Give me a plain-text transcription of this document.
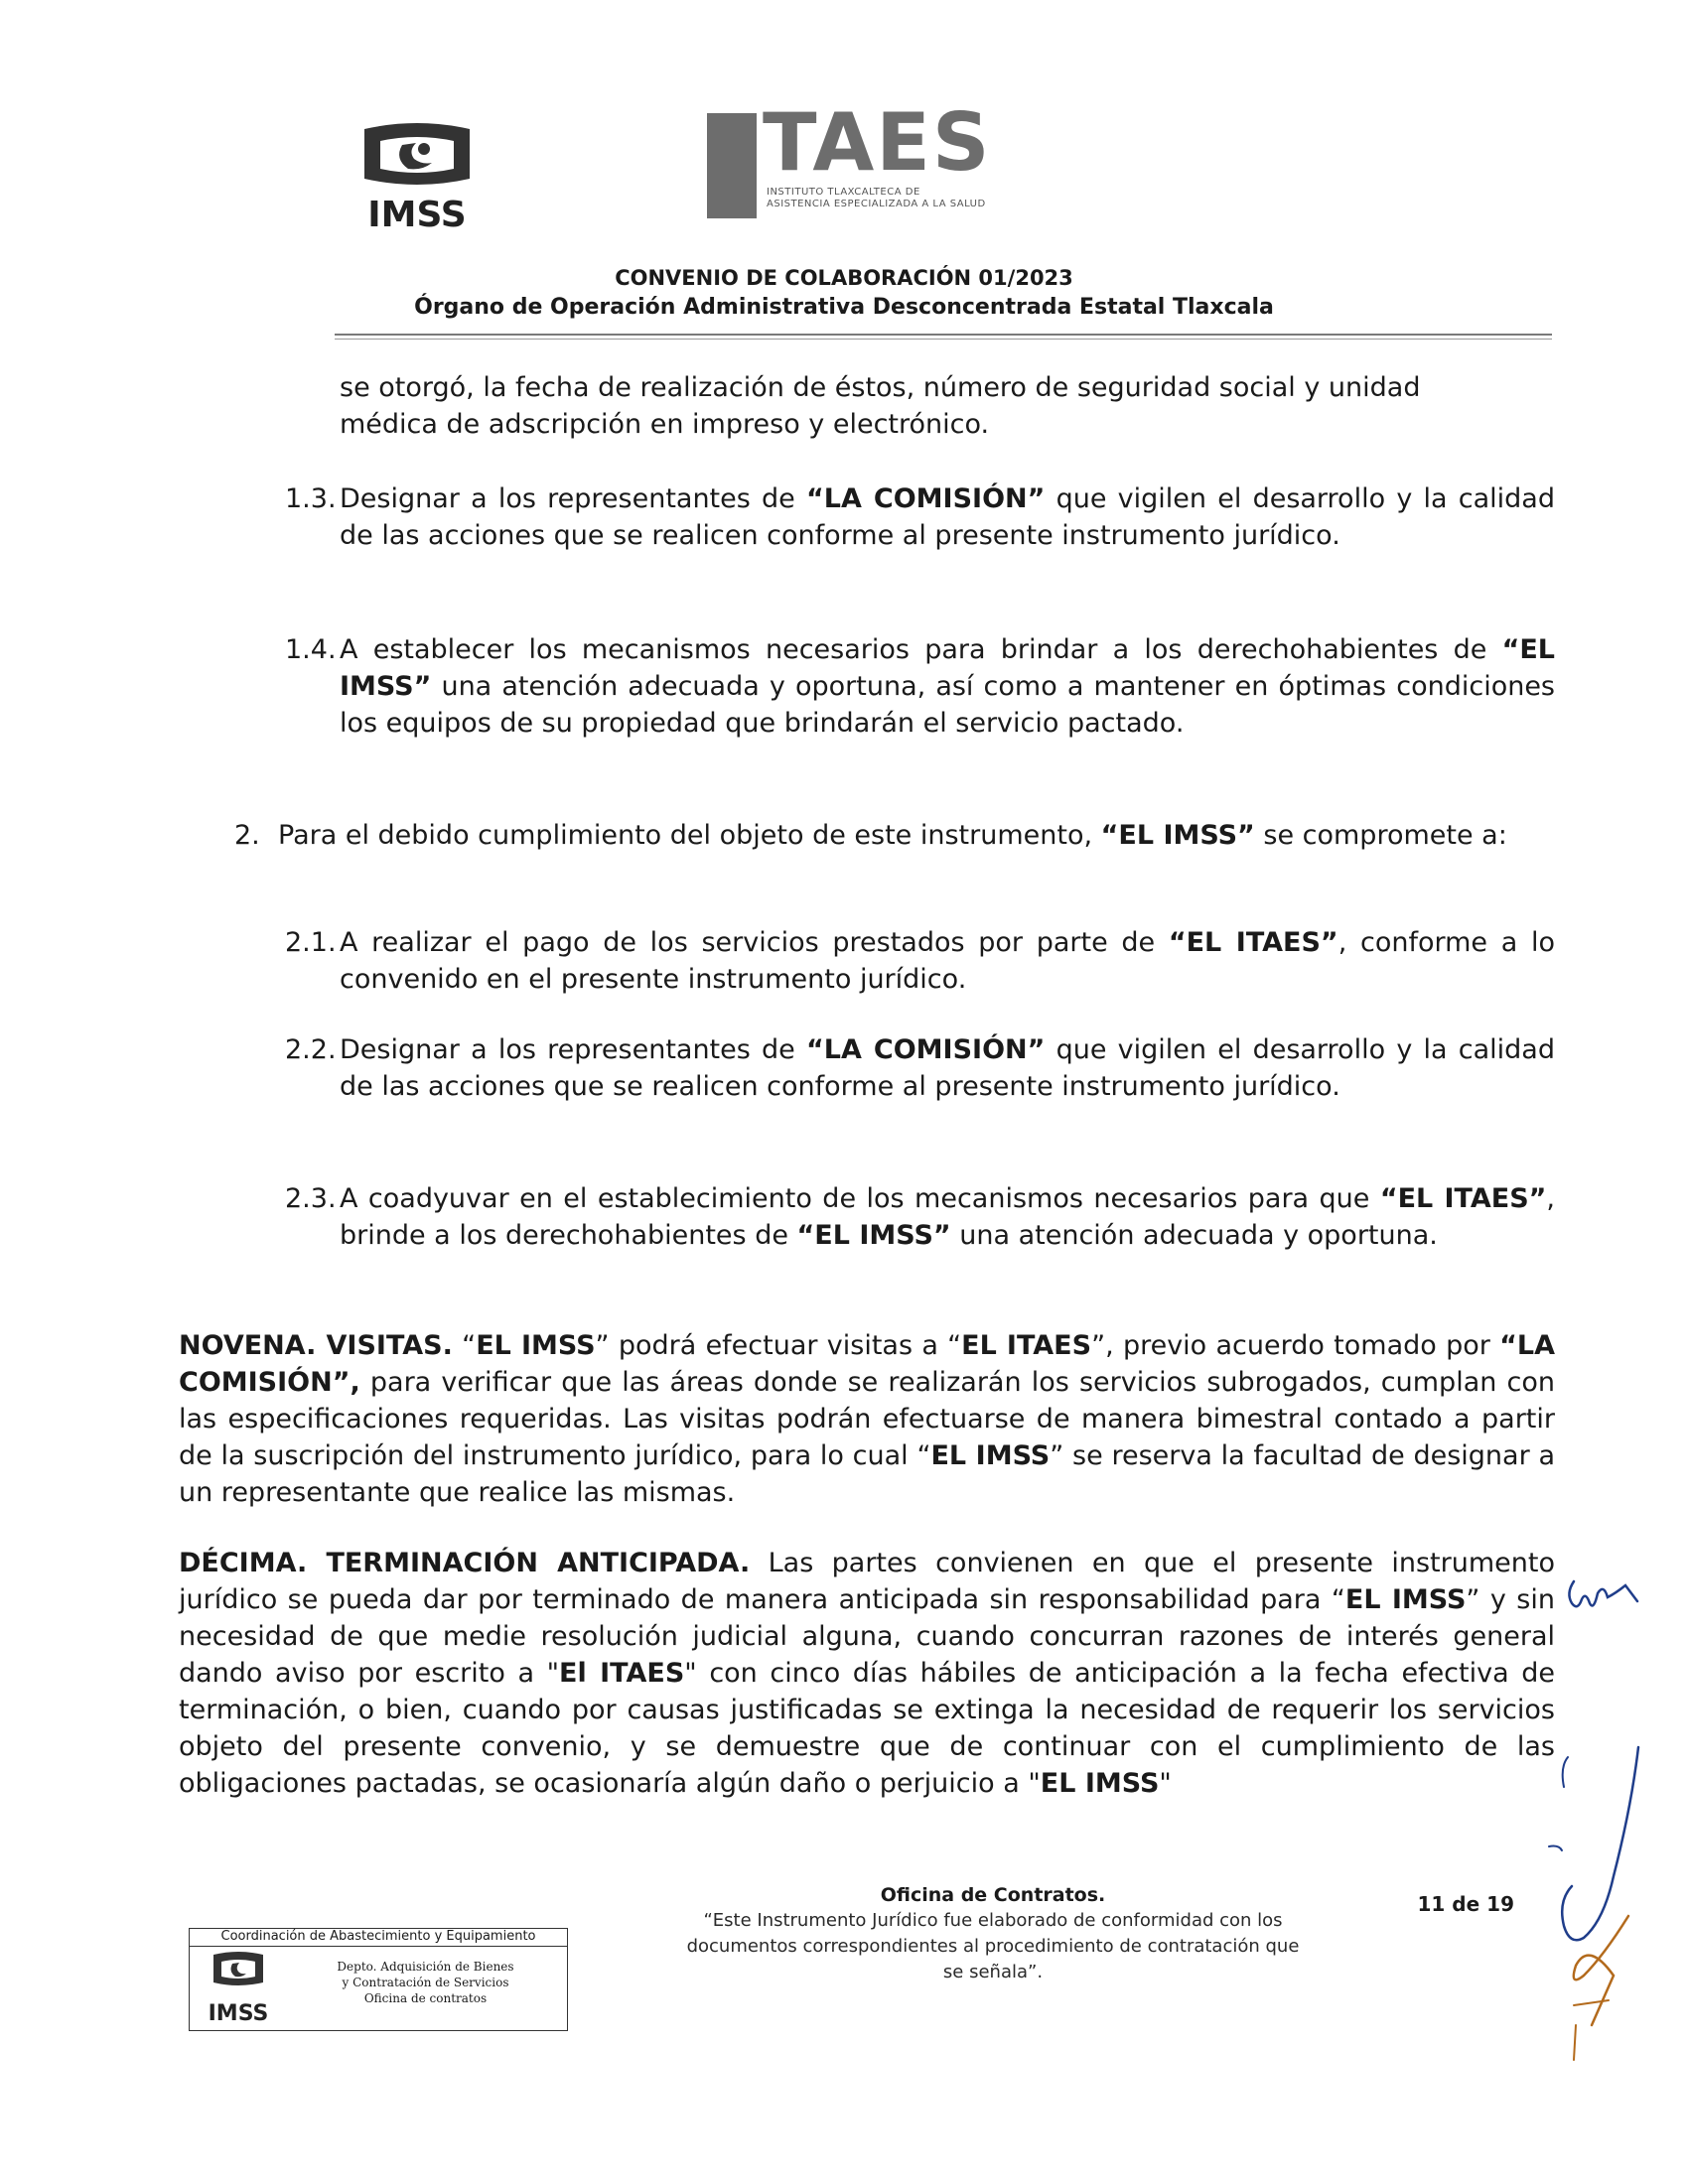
IMSS
TAES
INSTITUTO TLAXCALTECA DE
ASISTENCIA ESPECIALIZADA A LA SALUD
CONVENIO DE COLABORACIÓN 01/2023
Órgano de Operación Administrativa Desconcentrada Estatal Tlaxcala
se otorgó, la fecha de realización de éstos, número de seguridad social y unidad
médica de adscripción en impreso y electrónico.
1.3. Designar a los representantes de “LA COMISIÓN” que vigilen el desarrollo y la calidad de las acciones que se realicen conforme al presente instrumento jurídico.
1.4. A establecer los mecanismos necesarios para brindar a los derechohabientes de “EL IMSS” una atención adecuada y oportuna, así como a mantener en óptimas condiciones los equipos de su propiedad que brindarán el servicio pactado.
2. Para el debido cumplimiento del objeto de este instrumento, “EL IMSS” se compromete a:
2.1. A realizar el pago de los servicios prestados por parte de “EL ITAES”, conforme a lo convenido en el presente instrumento jurídico.
2.2. Designar a los representantes de “LA COMISIÓN” que vigilen el desarrollo y la calidad de las acciones que se realicen conforme al presente instrumento jurídico.
2.3. A coadyuvar en el establecimiento de los mecanismos necesarios para que “EL ITAES”, brinde a los derechohabientes de “EL IMSS” una atención adecuada y oportuna.
NOVENA. VISITAS. “EL IMSS” podrá efectuar visitas a “EL ITAES”, previo acuerdo tomado por “LA COMISIÓN”, para verificar que las áreas donde se realizarán los servicios subrogados, cumplan con las especificaciones requeridas. Las visitas podrán efectuarse de manera bimestral contado a partir de la suscripción del instrumento jurídico, para lo cual “EL IMSS” se reserva la facultad de designar a un representante que realice las mismas.
DÉCIMA. TERMINACIÓN ANTICIPADA. Las partes convienen en que el presente instrumento jurídico se pueda dar por terminado de manera anticipada sin responsabilidad para “EL IMSS” y sin necesidad de que medie resolución judicial alguna, cuando concurran razones de interés general dando aviso por escrito a "El ITAES" con cinco días hábiles de anticipación a la fecha efectiva de terminación, o bien, cuando por causas justificadas se extinga la necesidad de requerir los servicios objeto del presente convenio, y se demuestre que de continuar con el cumplimiento de las obligaciones pactadas, se ocasionaría algún daño o perjuicio a "EL IMSS"
Coordinación de Abastecimiento y Equipamiento
IMSS
Depto. Adquisición de Bienes
y Contratación de Servicios
Oficina de contratos
Oficina de Contratos.
“Este Instrumento Jurídico fue elaborado de conformidad con los
documentos correspondientes al procedimiento de contratación que
se señala”.
11 de 19
